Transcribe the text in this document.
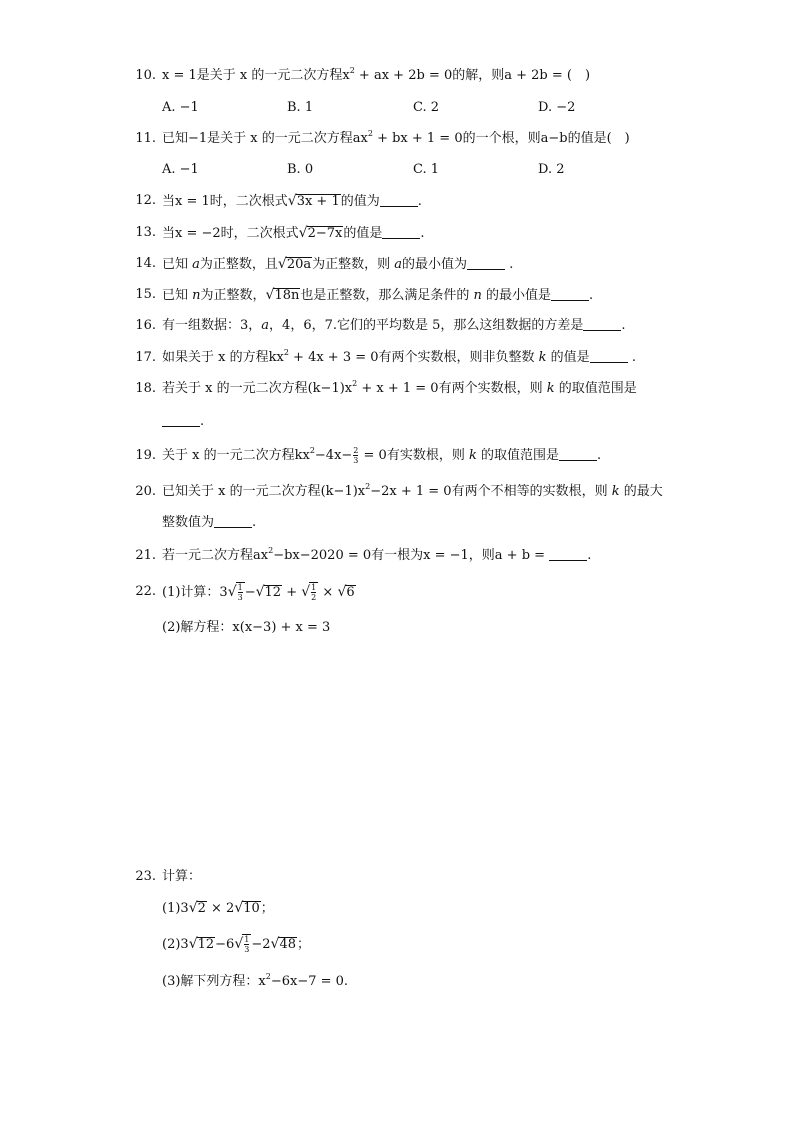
10. x = 1是关于 x 的一元二次方程$x^2$ + ax + 2b = 0的解，则a + 2b = (　)
A. −1	B. 1	C. 2	D. −2
11. 已知−1是关于 x 的一元二次方程$ax^2$ + bx + 1 = 0的一个根，则a−b的值是(　)
A. −1	B. 0	C. 1	D. 2
12. 当x = 1时，二次根式√3x + 1的值为	.
13. 当x = −2时，二次根式√2−7x的值是	.
14. 已知 a为正整数，且√20a为正整数，则 a的最小值为	.
15. 已知 n为正整数，√18n也是正整数，那么满足条件的 n 的最小值是	.
16. 有一组数据：3，a，4，6，7.它们的平均数是 5，那么这组数据的方差是	.
17. 如果关于 x 的方程$kx^2 + 4x + 3 = 0$有两个实数根，则非负整数 k 的值是	.
18. 若关于 x 的一元二次方程$(k-1)x^2 + x + 1 = 0$有两个实数根，则 k 的取值范围是
.
19. 关于 x 的一元二次方程$kx^2-4x- \frac{2}{3} = 0$有实数根，则 k 的取值范围是	.
20. 已知关于 x 的一元二次方程$(k-1)x^2-2x + 1 = 0$有两个不相等的实数根，则 k 的最大
整数值为	.
21. 若一元二次方程$ax^2-bx-2020 = 0$有一根为x = −1，则a + b =	.
22. (1)计算：$3√ \frac{1}{3} -√12$ + √ $\frac{1}{2} \times √6$
(2)解方程：x(x−3) + x = 3
23. 计算：
(1)3√2 × 2√10；
$(2)3√12-6√ \frac{1}{3} -2√48$；
(3)解下列方程：$x^2-6x-7 = 0$.
